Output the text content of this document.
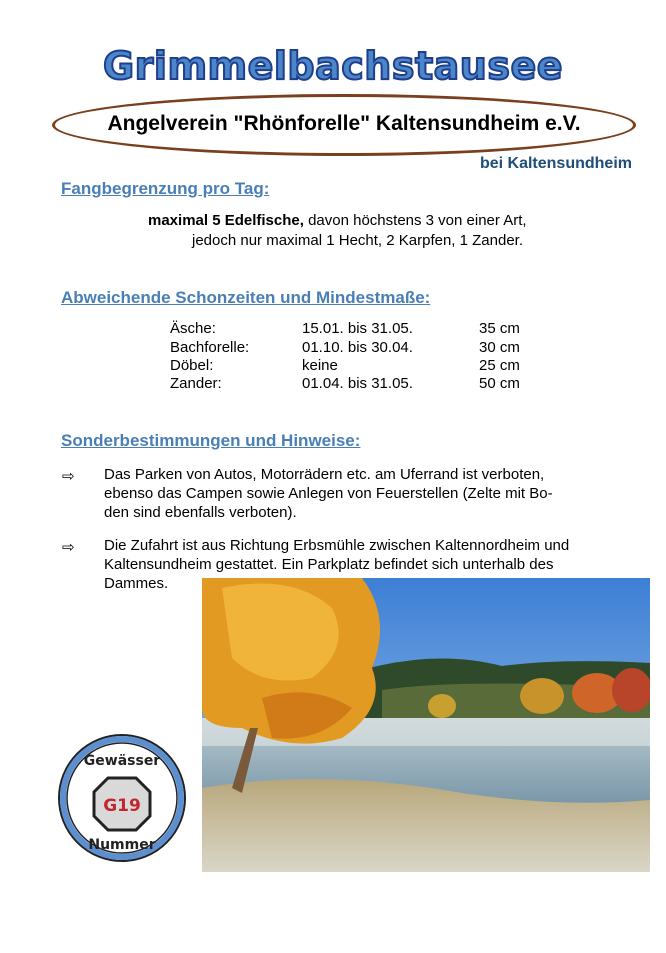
Grimmelbachstausee
Angelverein "Rhönforelle" Kaltensundheim e.V.
bei Kaltensundheim
Fangbegrenzung pro Tag:
maximal 5 Edelfische, davon höchstens 3 von einer Art,
jedoch nur maximal 1 Hecht, 2 Karpfen, 1 Zander.
Abweichende Schonzeiten und Mindestmaße:
Äsche:	15.01. bis 31.05.	35 cm
Bachforelle:	01.10. bis 30.04.	30 cm
Döbel:	keine	25 cm
Zander:	01.04. bis 31.05.	50 cm
Sonderbestimmungen und Hinweise:
⇨ Das Parken von Autos, Motorrädern etc. am Uferrand ist verboten,
ebenso das Campen sowie Anlegen von Feuerstellen (Zelte mit Bo-
den sind ebenfalls verboten).
⇨ Die Zufahrt ist aus Richtung Erbsmühle zwischen Kaltennordheim und
Kaltensundheim gestattet. Ein Parkplatz befindet sich unterhalb des
Dammes.
Gewässer
G19
Nummer
